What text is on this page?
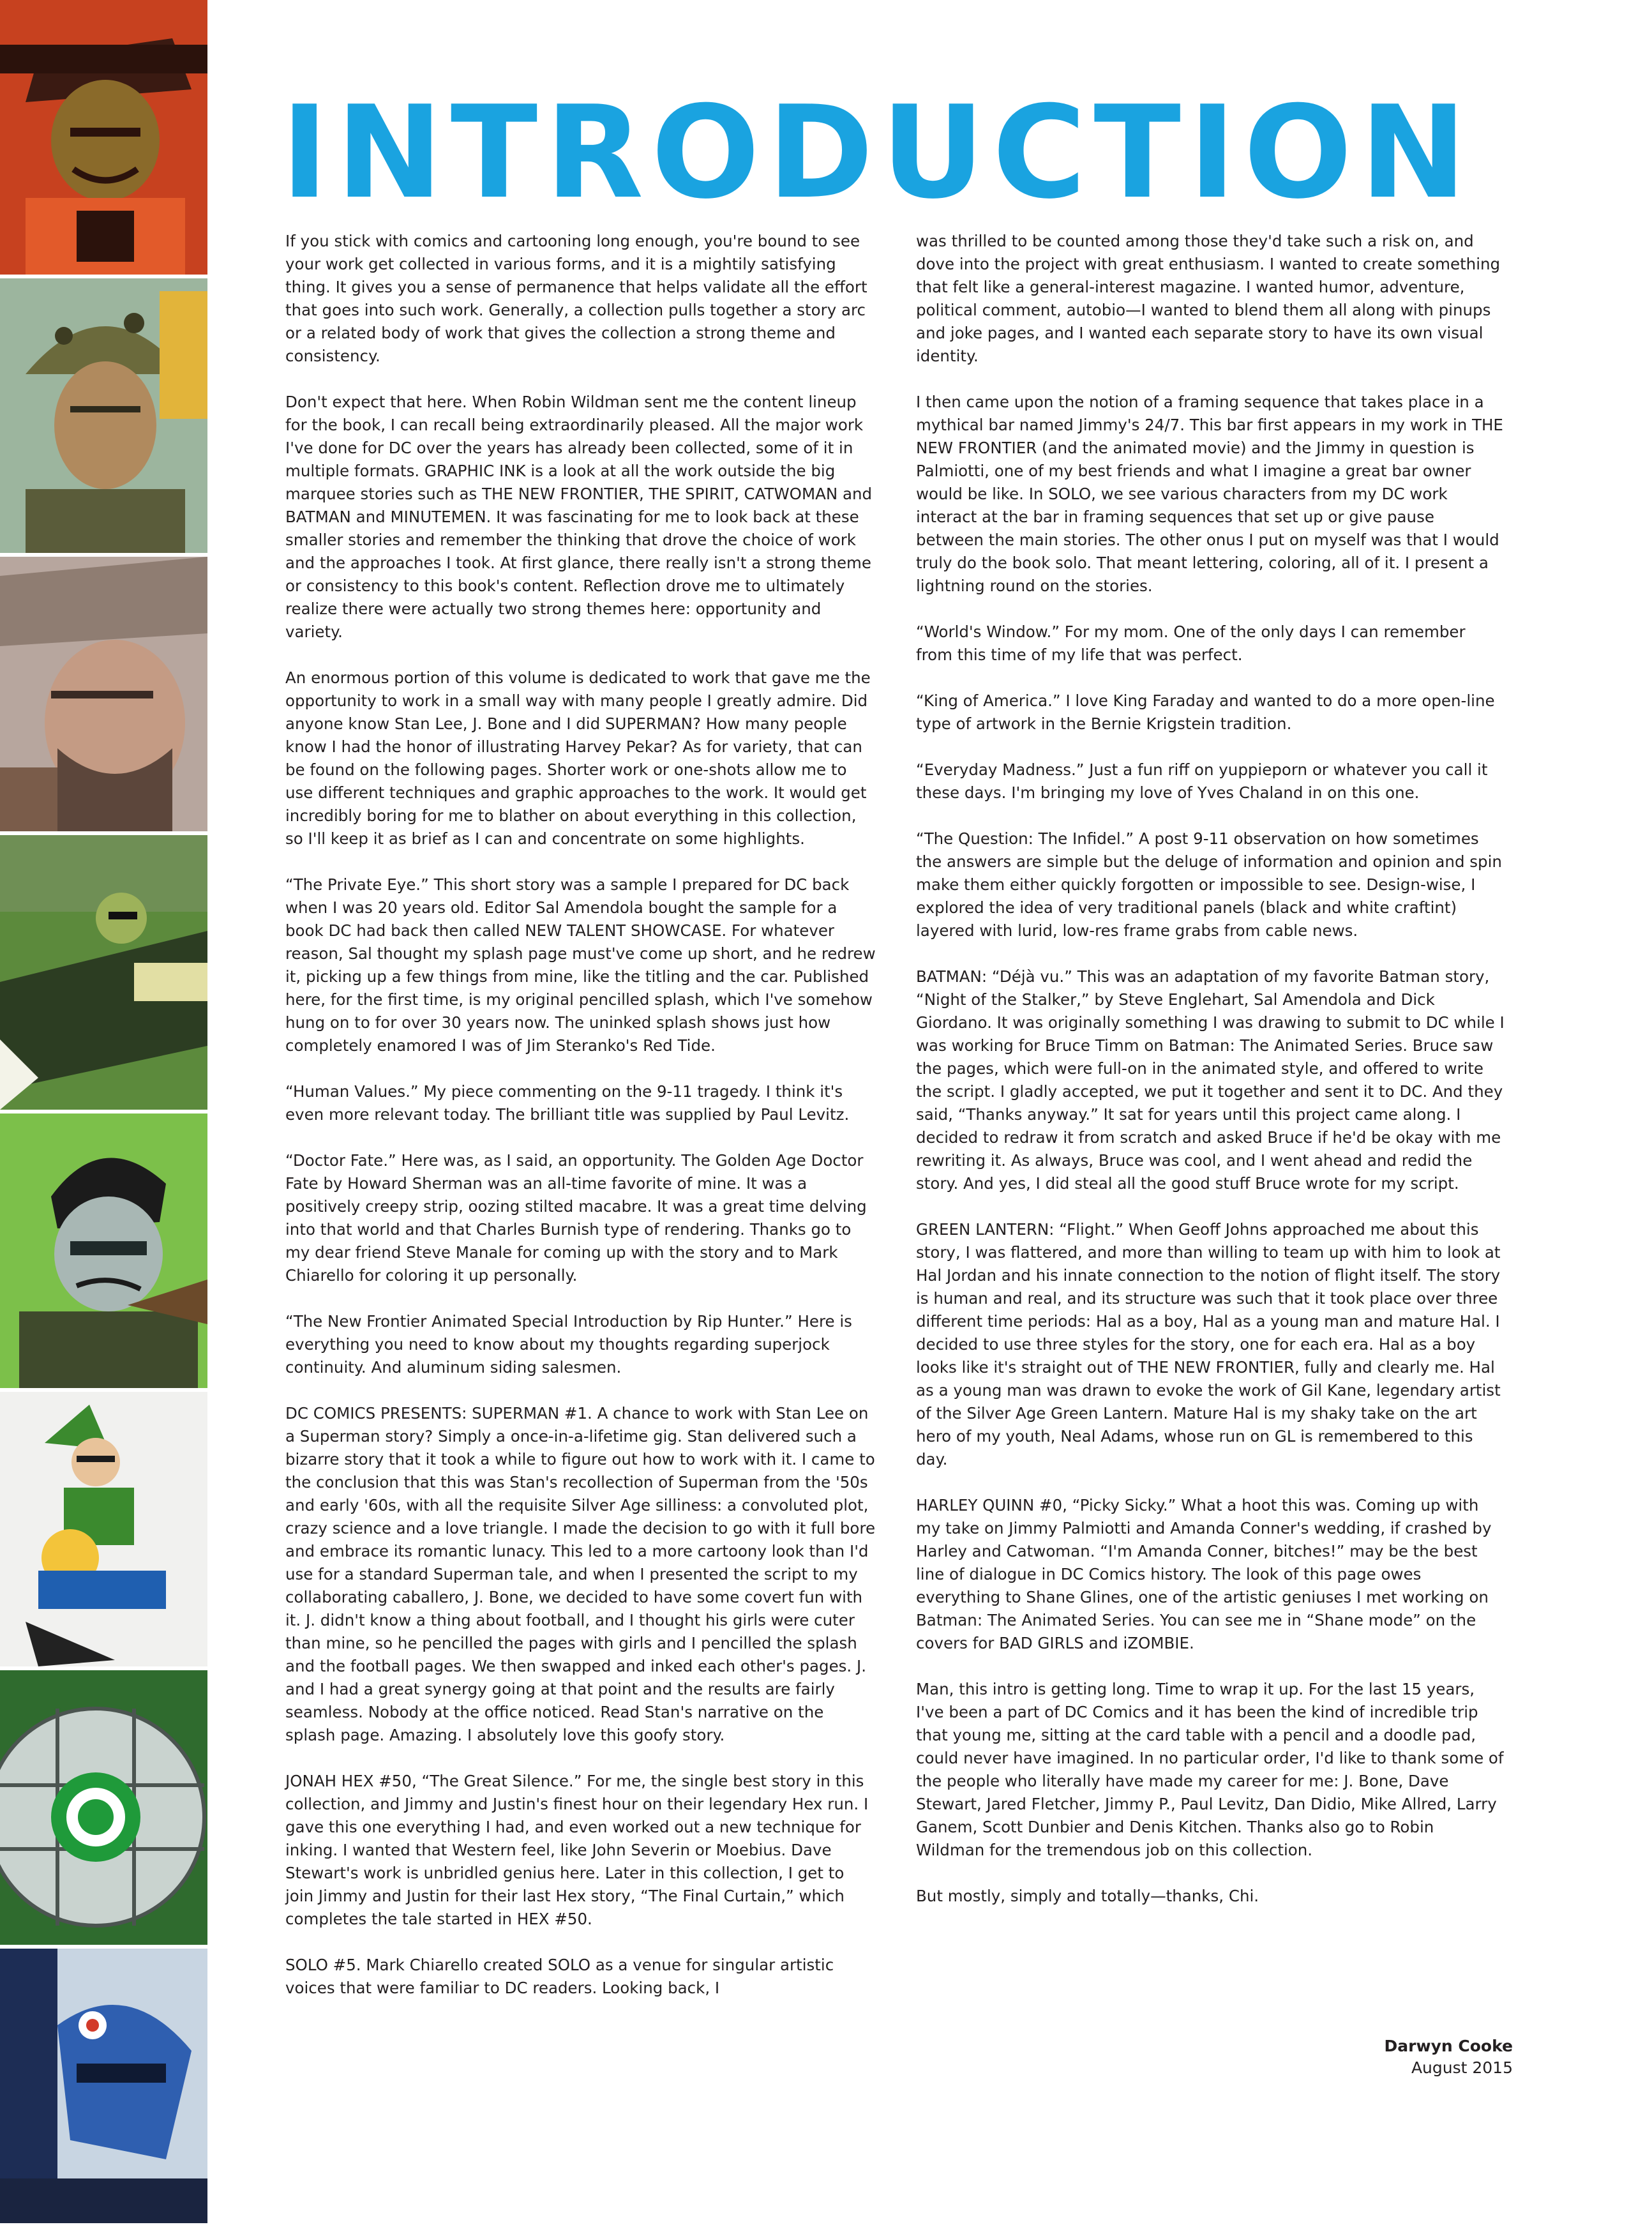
INTRODUCTION

If you stick with comics and cartooning long enough, you're bound to see your work get collected in various forms, and it is a mightily satisfying thing. It gives you a sense of permanence that helps validate all the effort that goes into such work. Generally, a collection pulls together a story arc or a related body of work that gives the collection a strong theme and consistency.

Don't expect that here. When Robin Wildman sent me the content lineup for the book, I can recall being extraordinarily pleased. All the major work I've done for DC over the years has already been collected, some of it in multiple formats. GRAPHIC INK is a look at all the work outside the big marquee stories such as THE NEW FRONTIER, THE SPIRIT, CATWOMAN and BATMAN and MINUTEMEN. It was fascinating for me to look back at these smaller stories and remember the thinking that drove the choice of work and the approaches I took. At first glance, there really isn't a strong theme or consistency to this book's content. Reflection drove me to ultimately realize there were actually two strong themes here: opportunity and variety.

An enormous portion of this volume is dedicated to work that gave me the opportunity to work in a small way with many people I greatly admire. Did anyone know Stan Lee, J. Bone and I did SUPERMAN? How many people know I had the honor of illustrating Harvey Pekar? As for variety, that can be found on the following pages. Shorter work or one-shots allow me to use different techniques and graphic approaches to the work. It would get incredibly boring for me to blather on about everything in this collection, so I'll keep it as brief as I can and concentrate on some highlights.

“The Private Eye.” This short story was a sample I prepared for DC back when I was 20 years old. Editor Sal Amendola bought the sample for a book DC had back then called NEW TALENT SHOWCASE. For whatever reason, Sal thought my splash page must've come up short, and he redrew it, picking up a few things from mine, like the titling and the car. Published here, for the first time, is my original pencilled splash, which I've somehow hung on to for over 30 years now. The uninked splash shows just how completely enamored I was of Jim Steranko's Red Tide.

“Human Values.” My piece commenting on the 9-11 tragedy. I think it's even more relevant today. The brilliant title was supplied by Paul Levitz.

“Doctor Fate.” Here was, as I said, an opportunity. The Golden Age Doctor Fate by Howard Sherman was an all-time favorite of mine. It was a positively creepy strip, oozing stilted macabre. It was a great time delving into that world and that Charles Burnish type of rendering. Thanks go to my dear friend Steve Manale for coming up with the story and to Mark Chiarello for coloring it up personally.

“The New Frontier Animated Special Introduction by Rip Hunter.” Here is everything you need to know about my thoughts regarding superjock continuity. And aluminum siding salesmen.

DC COMICS PRESENTS: SUPERMAN #1. A chance to work with Stan Lee on a Superman story? Simply a once-in-a-lifetime gig. Stan delivered such a bizarre story that it took a while to figure out how to work with it. I came to the conclusion that this was Stan's recollection of Superman from the '50s and early '60s, with all the requisite Silver Age silliness: a convoluted plot, crazy science and a love triangle. I made the decision to go with it full bore and embrace its romantic lunacy. This led to a more cartoony look than I'd use for a standard Superman tale, and when I presented the script to my collaborating caballero, J. Bone, we decided to have some covert fun with it. J. didn't know a thing about football, and I thought his girls were cuter than mine, so he pencilled the pages with girls and I pencilled the splash and the football pages. We then swapped and inked each other's pages. J. and I had a great synergy going at that point and the results are fairly seamless. Nobody at the office noticed. Read Stan's narrative on the splash page. Amazing. I absolutely love this goofy story.

JONAH HEX #50, “The Great Silence.” For me, the single best story in this collection, and Jimmy and Justin's finest hour on their legendary Hex run. I gave this one everything I had, and even worked out a new technique for inking. I wanted that Western feel, like John Severin or Moebius. Dave Stewart's work is unbridled genius here. Later in this collection, I get to join Jimmy and Justin for their last Hex story, “The Final Curtain,” which completes the tale started in HEX #50.

SOLO #5. Mark Chiarello created SOLO as a venue for singular artistic voices that were familiar to DC readers. Looking back, I

was thrilled to be counted among those they'd take such a risk on, and dove into the project with great enthusiasm. I wanted to create something that felt like a general-interest magazine. I wanted humor, adventure, political comment, autobio—I wanted to blend them all along with pinups and joke pages, and I wanted each separate story to have its own visual identity.

I then came upon the notion of a framing sequence that takes place in a mythical bar named Jimmy's 24/7. This bar first appears in my work in THE NEW FRONTIER (and the animated movie) and the Jimmy in question is Palmiotti, one of my best friends and what I imagine a great bar owner would be like. In SOLO, we see various characters from my DC work interact at the bar in framing sequences that set up or give pause between the main stories. The other onus I put on myself was that I would truly do the book solo. That meant lettering, coloring, all of it. I present a lightning round on the stories.

“World's Window.” For my mom. One of the only days I can remember from this time of my life that was perfect.

“King of America.” I love King Faraday and wanted to do a more open-line type of artwork in the Bernie Krigstein tradition.

“Everyday Madness.” Just a fun riff on yuppieporn or whatever you call it these days. I'm bringing my love of Yves Chaland in on this one.

“The Question: The Infidel.” A post 9-11 observation on how sometimes the answers are simple but the deluge of information and opinion and spin make them either quickly forgotten or impossible to see. Design-wise, I explored the idea of very traditional panels (black and white craftint) layered with lurid, low-res frame grabs from cable news.

BATMAN: “Déjà vu.” This was an adaptation of my favorite Batman story, “Night of the Stalker,” by Steve Englehart, Sal Amendola and Dick Giordano. It was originally something I was drawing to submit to DC while I was working for Bruce Timm on Batman: The Animated Series. Bruce saw the pages, which were full-on in the animated style, and offered to write the script. I gladly accepted, we put it together and sent it to DC. And they said, “Thanks anyway.” It sat for years until this project came along. I decided to redraw it from scratch and asked Bruce if he'd be okay with me rewriting it. As always, Bruce was cool, and I went ahead and redid the story. And yes, I did steal all the good stuff Bruce wrote for my script.

GREEN LANTERN: “Flight.” When Geoff Johns approached me about this story, I was flattered, and more than willing to team up with him to look at Hal Jordan and his innate connection to the notion of flight itself. The story is human and real, and its structure was such that it took place over three different time periods: Hal as a boy, Hal as a young man and mature Hal. I decided to use three styles for the story, one for each era. Hal as a boy looks like it's straight out of THE NEW FRONTIER, fully and clearly me. Hal as a young man was drawn to evoke the work of Gil Kane, legendary artist of the Silver Age Green Lantern. Mature Hal is my shaky take on the art hero of my youth, Neal Adams, whose run on GL is remembered to this day.

HARLEY QUINN #0, “Picky Sicky.” What a hoot this was. Coming up with my take on Jimmy Palmiotti and Amanda Conner's wedding, if crashed by Harley and Catwoman. “I'm Amanda Conner, bitches!” may be the best line of dialogue in DC Comics history. The look of this page owes everything to Shane Glines, one of the artistic geniuses I met working on Batman: The Animated Series. You can see me in “Shane mode” on the covers for BAD GIRLS and iZOMBIE.

Man, this intro is getting long. Time to wrap it up. For the last 15 years, I've been a part of DC Comics and it has been the kind of incredible trip that young me, sitting at the card table with a pencil and a doodle pad, could never have imagined. In no particular order, I'd like to thank some of the people who literally have made my career for me: J. Bone, Dave Stewart, Jared Fletcher, Jimmy P., Paul Levitz, Dan Didio, Mike Allred, Larry Ganem, Scott Dunbier and Denis Kitchen. Thanks also go to Robin Wildman for the tremendous job on this collection.

But mostly, simply and totally—thanks, Chi.

Darwyn Cooke
August 2015
